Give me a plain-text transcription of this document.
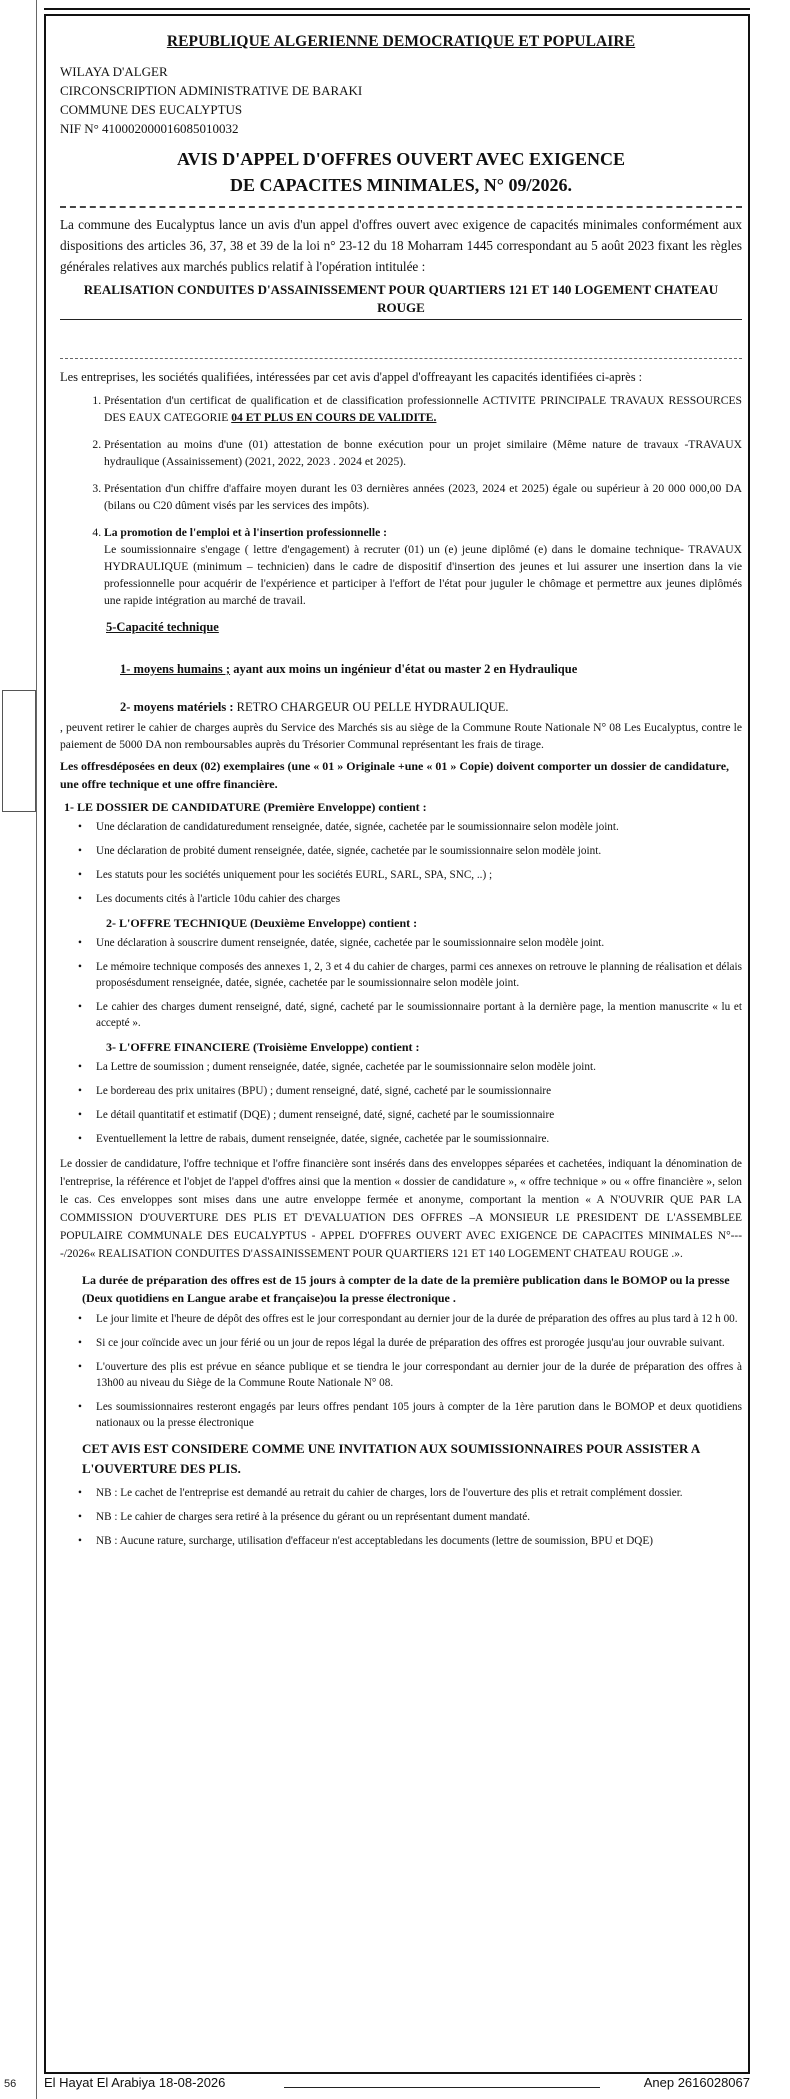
56
REPUBLIQUE ALGERIENNE DEMOCRATIQUE ET POPULAIRE

WILAYA D'ALGER

CIRCONSCRIPTION ADMINISTRATIVE DE BARAKI

COMMUNE DES EUCALYPTUS

NIF N° 410002000016085010032

AVIS D'APPEL D'OFFRES OUVERT AVEC EXIGENCE
DE CAPACITES MINIMALES, N° 09/2026.

La commune des Eucalyptus lance un avis d'un appel d'offres ouvert avec exigence de capacités minimales conformément aux dispositions des articles 36, 37, 38 et 39 de la loi n° 23-12 du 18 Moharram 1445 correspondant au 5 août 2023 fixant les règles générales relatives aux marchés publics relatif à l'opération intitulée :

REALISATION CONDUITES D'ASSAINISSEMENT POUR QUARTIERS 121 ET 140 LOGEMENT CHATEAU ROUGE

Les entreprises, les sociétés qualifiées, intéressées par cet avis d'appel d'offreayant les capacités identifiées ci-après :

1. Présentation d'un certificat de qualification et de classification professionnelle ACTIVITE PRINCIPALE TRAVAUX RESSOURCES DES EAUX CATEGORIE 04 ET PLUS EN COURS DE VALIDITE.
2. Présentation au moins d'une (01) attestation de bonne exécution pour un projet similaire (Même nature de travaux -TRAVAUX hydraulique (Assainissement) (2021, 2022, 2023 . 2024 et 2025).
3. Présentation d'un chiffre d'affaire moyen durant les 03 dernières années (2023, 2024 et 2025) égale ou supérieur à 20 000 000,00 DA (bilans ou C20 dûment visés par les services des impôts).
4. La promotion de l'emploi et à l'insertion professionnelle :
Le soumissionnaire s'engage ( lettre d'engagement) à recruter (01) un (e) jeune diplômé (e) dans le domaine technique- TRAVAUX HYDRAULIQUE (minimum – technicien) dans le cadre de dispositif d'insertion des jeunes et lui assurer une insertion dans la vie professionnelle pour acquérir de l'expérience et participer à l'effort de l'état pour juguler le chômage et permettre aux jeunes diplômés une rapide intégration au marché de travail.
5-Capacité technique
1- moyens humains ; ayant aux moins un ingénieur d'état ou master 2 en Hydraulique
2- moyens matériels : RETRO CHARGEUR OU PELLE HYDRAULIQUE.

, peuvent retirer le cahier de charges auprès du Service des Marchés sis au siège de la Commune Route Nationale N° 08 Les Eucalyptus, contre le paiement de 5000 DA non remboursables auprès du Trésorier Communal représentant les frais de tirage.

Les offresdéposées en deux (02) exemplaires (une « 01 » Originale +une « 01 » Copie) doivent comporter un dossier de candidature, une offre technique et une offre financière.

1- LE DOSSIER DE CANDIDATURE (Première Enveloppe) contient :
• Une déclaration de candidaturedument renseignée, datée, signée, cachetée par le soumissionnaire selon modèle joint.
• Une déclaration de probité dument renseignée, datée, signée, cachetée par le soumissionnaire selon modèle joint.
• Les statuts pour les sociétés uniquement pour les sociétés EURL, SARL, SPA, SNC, ..) ;
• Les documents cités à l'article 10du cahier des charges
2- L'OFFRE TECHNIQUE (Deuxième Enveloppe) contient :
• Une déclaration à souscrire dument renseignée, datée, signée, cachetée par le soumissionnaire selon modèle joint.
• Le mémoire technique composés des annexes 1, 2, 3 et 4 du cahier de charges, parmi ces annexes on retrouve le planning de réalisation et délais proposésdument renseignée, datée, signée, cachetée par le soumissionnaire selon modèle joint.
• Le cahier des charges dument renseigné, daté, signé, cacheté par le soumissionnaire portant à la dernière page, la mention manuscrite « lu et accepté ».
3- L'OFFRE FINANCIERE (Troisième Enveloppe) contient :
• La Lettre de soumission ; dument renseignée, datée, signée, cachetée par le soumissionnaire selon modèle joint.
• Le bordereau des prix unitaires (BPU) ; dument renseigné, daté, signé, cacheté par le soumissionnaire
• Le détail quantitatif et estimatif (DQE) ; dument renseigné, daté, signé, cacheté par le soumissionnaire
• Eventuellement la lettre de rabais, dument renseignée, datée, signée, cachetée par le soumissionnaire.

Le dossier de candidature, l'offre technique et l'offre financière sont insérés dans des enveloppes séparées et cachetées, indiquant la dénomination de l'entreprise, la référence et l'objet de l'appel d'offres ainsi que la mention « dossier de candidature », « offre technique » ou « offre financière », selon le cas. Ces enveloppes sont mises dans une autre enveloppe fermée et anonyme, comportant la mention « A N'OUVRIR QUE PAR LA COMMISSION D'OUVERTURE DES PLIS ET D'EVALUATION DES OFFRES –A MONSIEUR LE PRESIDENT DE L'ASSEMBLEE POPULAIRE COMMUNALE DES EUCALYPTUS - APPEL D'OFFRES OUVERT AVEC EXIGENCE DE CAPACITES MINIMALES N°----/2026« REALISATION CONDUITES D'ASSAINISSEMENT POUR QUARTIERS 121 ET 140 LOGEMENT CHATEAU ROUGE .».

La durée de préparation des offres est de 15 jours à compter de la date de la première publication dans le BOMOP ou la presse (Deux quotidiens en Langue arabe et française)ou la presse électronique .

• Le jour limite et l'heure de dépôt des offres est le jour correspondant au dernier jour de la durée de préparation des offres au plus tard à 12 h 00.
• Si ce jour coïncide avec un jour férié ou un jour de repos légal la durée de préparation des offres est prorogée jusqu'au jour ouvrable suivant.
• L'ouverture des plis est prévue en séance publique et se tiendra le jour correspondant au dernier jour de la durée de préparation des offres à 13h00 au niveau du Siège de la Commune Route Nationale N° 08.
• Les soumissionnaires resteront engagés par leurs offres pendant 105 jours à compter de la 1ère parution dans le BOMOP et deux quotidiens nationaux ou la presse électronique

CET AVIS EST CONSIDERE COMME UNE INVITATION AUX SOUMISSIONNAIRES POUR ASSISTER A L'OUVERTURE DES PLIS.

• NB : Le cachet de l'entreprise est demandé au retrait du cahier de charges, lors de l'ouverture des plis et retrait complément dossier.
• NB : Le cahier de charges sera retiré à la présence du gérant ou un représentant dument mandaté.
• NB : Aucune rature, surcharge, utilisation d'effaceur n'est acceptabledans les documents (lettre de soumission, BPU et DQE)
El Hayat El Arabiya 18-08-2026	Anep 2616028067
